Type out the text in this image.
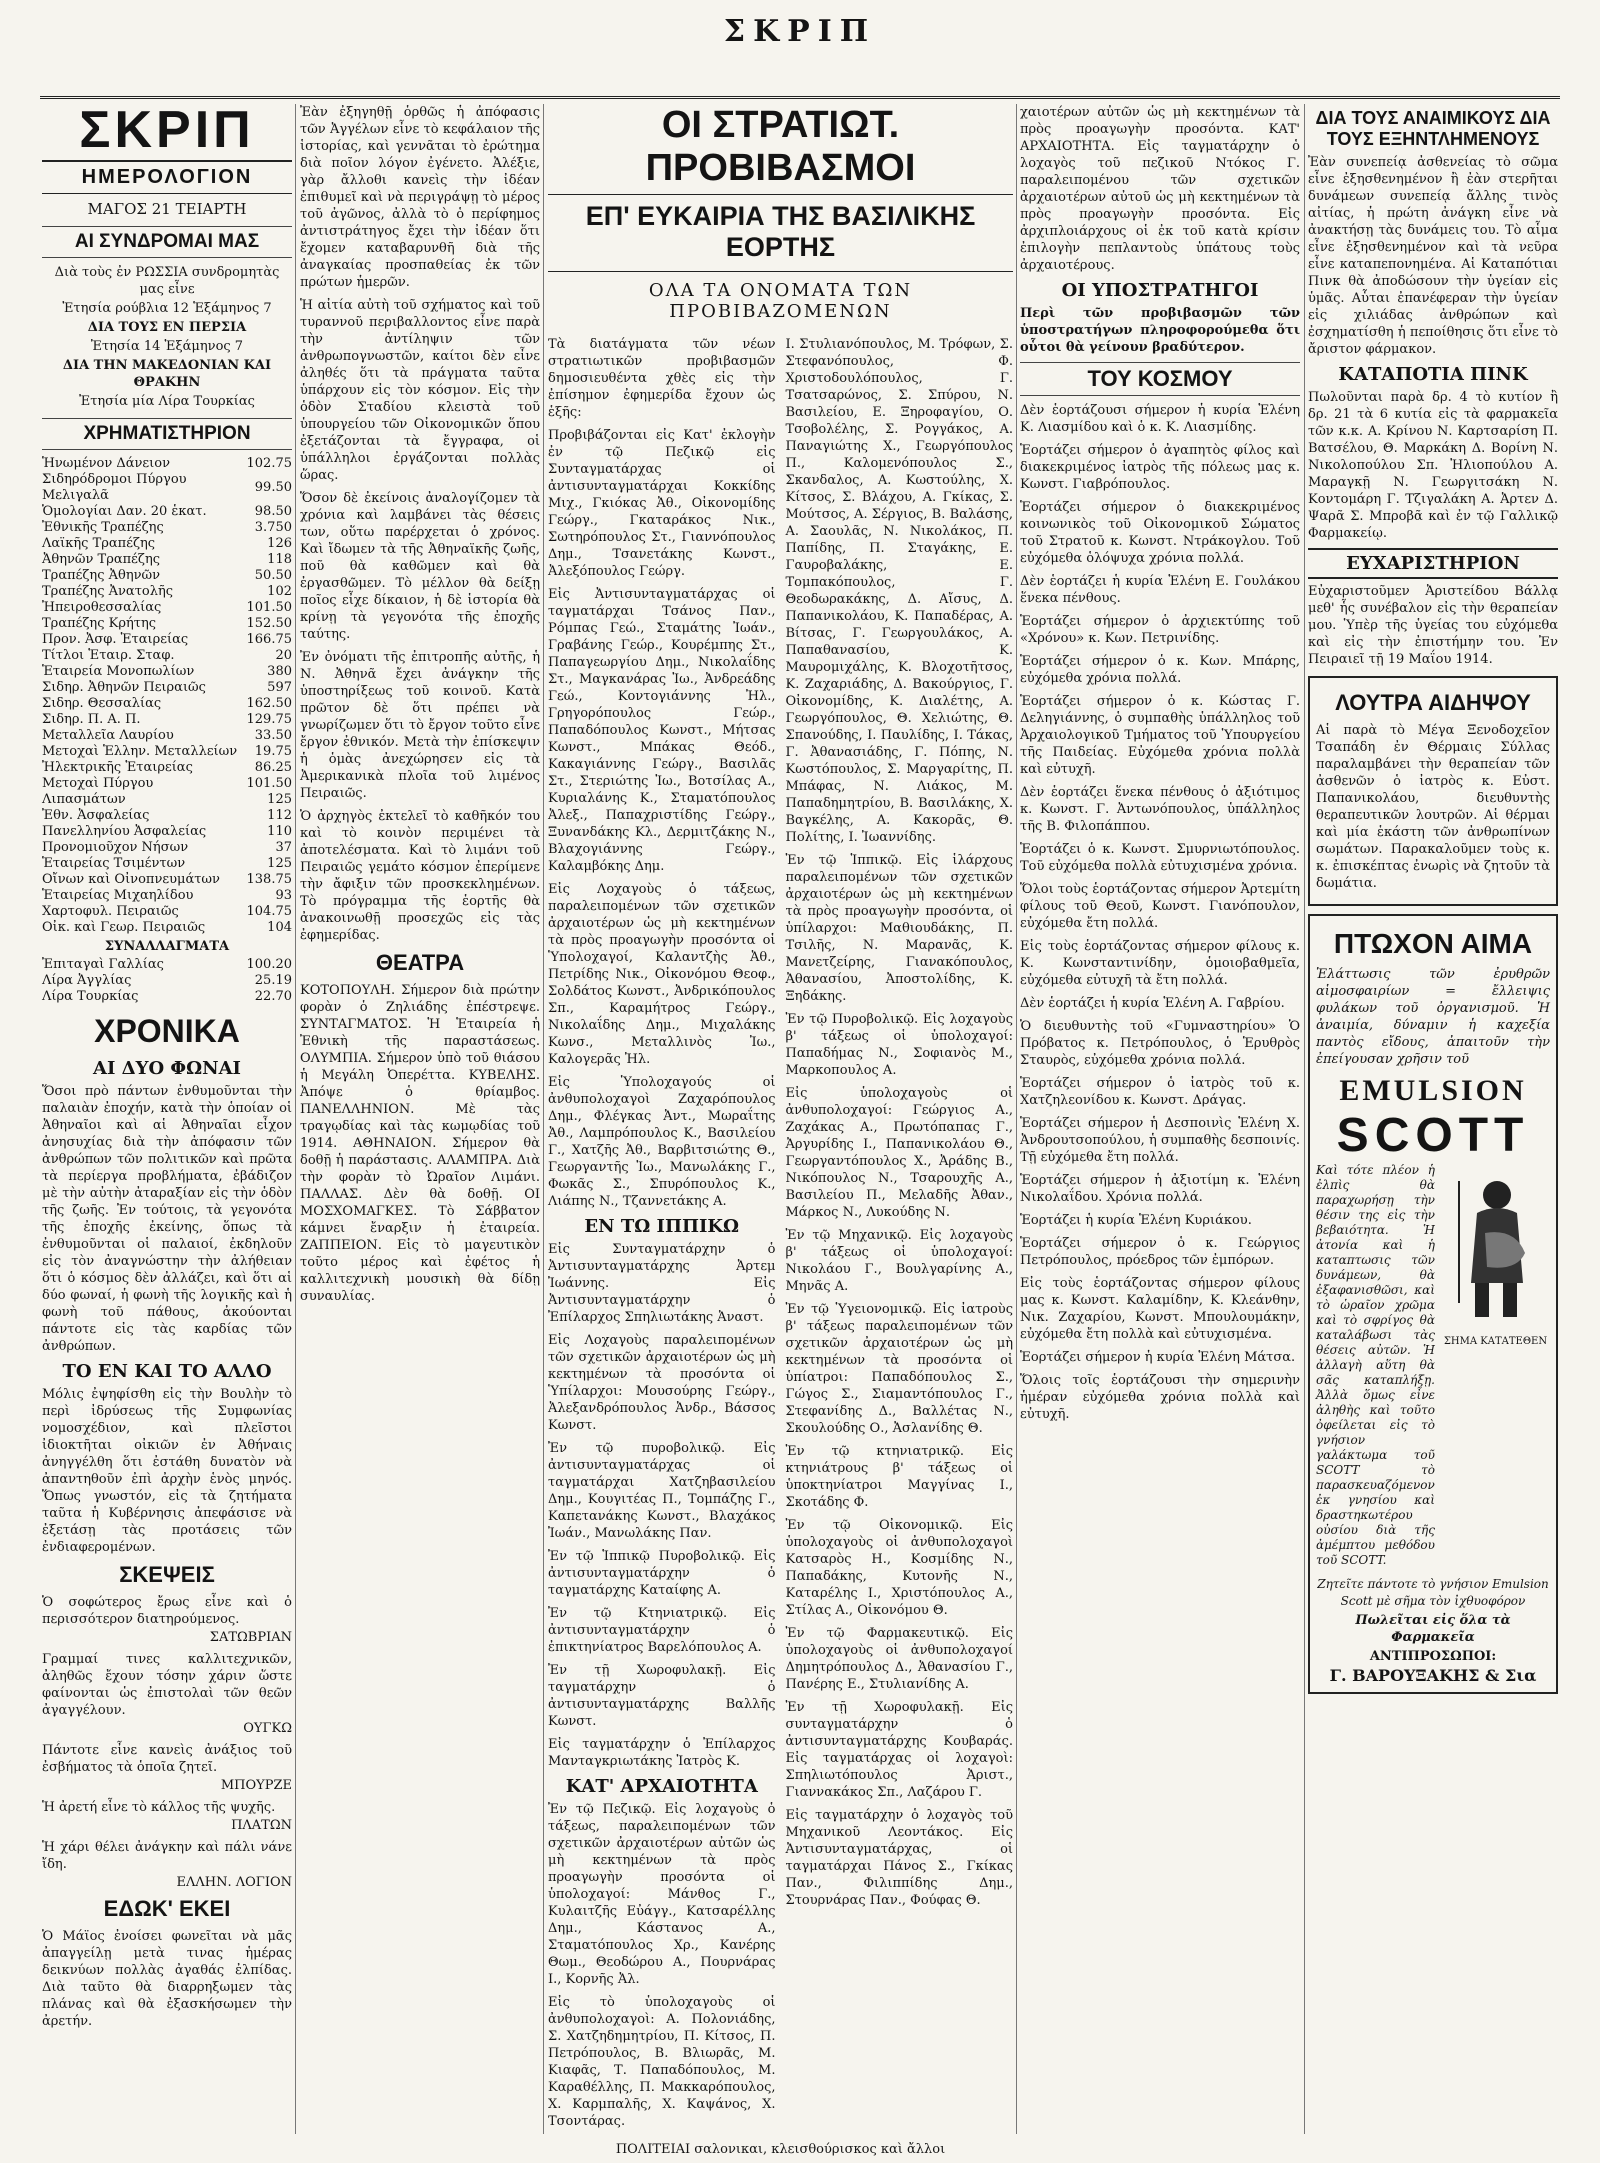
ΣΚΡΙΠ
ΣΚΡΙΠ
ΗΜΕΡΟΛΟΓΙΟΝ
ΜΑΓΟΣ 21 ΤΕΙΑΡΤΗ
ΑΙ ΣΥΝΔΡΟΜΑΙ ΜΑΣ
Διὰ τοὺς ἐν ΡΩΣΣΙΑ συνδρομητὰς μας εἶνε
Ἐτησία ρούβλια 12 Ἑξάμηνος 7
ΔΙΑ ΤΟΥΣ ΕΝ ΠΕΡΣΙΑ
Ἐτησία 14 Ἑξάμηνος 7
ΔΙΑ ΤΗΝ ΜΑΚΕΔΟΝΙΑΝ ΚΑΙ ΘΡΑΚΗΝ
Ἐτησία μία Λίρα Τουρκίας
ΧΡΗΜΑΤΙΣΤΗΡΙΟΝ
Ἡνωμένον Δάνειον	102.75
Σιδηρόδρομοι Πύργου Μελιγαλᾶ	99.50
Ὁμολογίαι Δαν. 20 ἑκατ.	98.50
Ἐθνικῆς Τραπέζης	3.750
Λαϊκῆς Τραπέζης	126
Ἀθηνῶν Τραπέζης	118
Τραπέζης Ἀθηνῶν	50.50
Τραπέζης Ἀνατολῆς	102
Ἠπειροθεσσαλίας	101.50
Τραπέζης Κρήτης	152.50
Προν. Ἀσφ. Ἑταιρείας	166.75
Τίτλοι Ἑταιρ. Σταφ.	20
Ἑταιρεία Μονοπωλίων	380
Σιδηρ. Ἀθηνῶν Πειραιῶς	597
Σιδηρ. Θεσσαλίας	162.50
Σιδηρ. Π. Α. Π.	129.75
Μεταλλεῖα Λαυρίου	33.50
Μετοχαὶ Ἑλλην. Μεταλλείων	19.75
Ἠλεκτρικῆς Ἑταιρείας	86.25
Μετοχαὶ Πύργου	101.50
Λιπασμάτων	125
Ἐθν. Ἀσφαλείας	112
Πανελληνίου Ἀσφαλείας	110
Προνομιοῦχον Νήσων	37
Ἑταιρείας Τσιμέντων	125
Οἴνων καὶ Οἰνοπνευμάτων	138.75
Ἑταιρείας Μιχαηλίδου	93
Χαρτοφυλ. Πειραιῶς	104.75
Οἰκ. καὶ Γεωρ. Πειραιῶς	104
ΣΥΝΑΛΛΑΓΜΑΤΑ
Ἐπιταγαὶ Γαλλίας	100.20
Λίρα Ἀγγλίας	25.19
Λίρα Τουρκίας	22.70
ΧΡΟΝΙΚΑ
ΑΙ ΔΥΟ ΦΩΝΑΙ

Ὅσοι πρὸ πάντων ἐνθυμοῦνται τὴν παλαιὰν ἐποχήν, κατὰ τὴν ὁποίαν οἱ Ἀθηναῖοι καὶ αἱ Ἀθηναῖαι εἶχον ἀνησυχίας διὰ τὴν ἀπόφασιν τῶν ἀνθρώπων τῶν πολιτικῶν καὶ πρῶτα τὰ περίεργα προβλήματα, ἐβάδιζον μὲ τὴν αὐτὴν ἀταραξίαν εἰς τὴν ὁδὸν τῆς ζωῆς. Ἐν τούτοις, τὰ γεγονότα τῆς ἐποχῆς ἐκείνης, ὅπως τὰ ἐνθυμοῦνται οἱ παλαιοί, ἐκδηλοῦν εἰς τὸν ἀναγνώστην τὴν ἀλήθειαν ὅτι ὁ κόσμος δὲν ἀλλάζει, καὶ ὅτι αἱ δύο φωναί, ἡ φωνὴ τῆς λογικῆς καὶ ἡ φωνὴ τοῦ πάθους, ἀκούονται πάντοτε εἰς τὰς καρδίας τῶν ἀνθρώπων.

ΤΟ ΕΝ ΚΑΙ ΤΟ ΑΛΛΟ

Μόλις ἐψηφίσθη εἰς τὴν Βουλὴν τὸ περὶ ἰδρύσεως τῆς Συμφωνίας νομοσχέδιον, καὶ πλεῖστοι ἰδιοκτῆται οἰκιῶν ἐν Ἀθήναις ἀνηγγέλθη ὅτι ἐστάθη δυνατὸν νὰ ἀπαντηθοῦν ἐπὶ ἀρχὴν ἑνὸς μηνός. Ὅπως γνωστόν, εἰς τὰ ζητήματα ταῦτα ἡ Κυβέρνησις ἀπεφάσισε νὰ ἐξετάσῃ τὰς προτάσεις τῶν ἐνδιαφερομένων.

ΣΚΕΨΕΙΣ

Ὁ σοφώτερος ἔρως εἶνε καὶ ὁ περισσότερον διατηρούμενος.

ΣΑΤΩΒΡΙΑΝ

Γραμμαί τινες καλλιτεχνικῶν, ἀληθῶς ἔχουν τόσην χάριν ὥστε φαίνονται ὡς ἐπιστολαὶ τῶν θεῶν ἀγαγγέλουν.

ΟΥΓΚΩ

Πάντοτε εἶνε κανεὶς ἀνάξιος τοῦ ἐσβήματος τὰ ὁποῖα ζητεῖ.

ΜΠΟΥΡΖΕ

Ἡ ἀρετή εἶνε τὸ κάλλος τῆς ψυχῆς.

ΠΛΑΤΩΝ

Ἡ χάρι θέλει ἀνάγκην καὶ πάλι νάνε ἴδη.

ΕΛΛΗΝ. ΛΟΓΙΟΝ
ΕΔΩΚ' ΕΚΕΙ

Ὁ Μάϊος ἐνοίσει φωνεῖται νὰ μᾶς ἀπαγγείλῃ μετὰ τινας ἡμέρας δεικνύων πολλὰς ἀγαθάς ἐλπίδας. Διὰ ταῦτο θὰ διαρρηξωμεν τὰς πλάνας καὶ θὰ ἐξασκήσωμεν τὴν ἀρετήν.

Ἐὰν ἐξηγηθῇ ὁρθῶς ἡ ἀπόφασις τῶν Ἀγγέλων εἶνε τὸ κεφάλαιον τῆς ἱστορίας, καὶ γεννᾶται τὸ ἐρώτημα διὰ ποῖον λόγον ἐγένετο. Ἀλέξιε, γὰρ ἄλλοθι κανεὶς τὴν ἰδέαν ἐπιθυμεῖ καὶ νὰ περιγράψῃ τὸ μέρος τοῦ ἀγῶνος, ἀλλὰ τὸ ὁ περίφημος ἀντιστράτηγος ἔχει τὴν ἰδέαν ὅτι ἔχομεν καταβαρυνθῆ διὰ τῆς ἀναγκαίας προσπαθείας ἐκ τῶν πρώτων ἡμερῶν.

Ἡ αἰτία αὐτὴ τοῦ σχήματος καὶ τοῦ τυραννοῦ περιβαλλοντος εἶνε παρὰ τὴν ἀντίληψιν τῶν ἀνθρωπογνωστῶν, καίτοι δὲν εἶνε ἀληθές ὅτι τὰ πράγματα ταῦτα ὑπάρχουν εἰς τὸν κόσμον. Εἰς τὴν ὁδὸν Σταδίου κλειστὰ τοῦ ὑπουργείου τῶν Οἰκονομικῶν ὅπου ἐξετάζονται τὰ ἔγγραφα, οἱ ὑπάλληλοι ἐργάζονται πολλὰς ὥρας.

Ὅσον δὲ ἐκείνοις ἀναλογίζομεν τὰ χρόνια καὶ λαμβάνει τὰς θέσεις των, οὕτω παρέρχεται ὁ χρόνος. Καὶ ἴδωμεν τὰ τῆς Ἀθηναϊκῆς ζωῆς, ποῦ θὰ καθῶμεν καὶ θὰ ἐργασθῶμεν. Τὸ μέλλον θὰ δείξῃ ποῖος εἶχε δίκαιον, ἡ δὲ ἱστορία θὰ κρίνῃ τὰ γεγονότα τῆς ἐποχῆς ταύτης.

Ἐν ὀνόματι τῆς ἐπιτροπῆς αὐτῆς, ἡ Ν. Ἀθηνᾶ ἔχει ἀνάγκην τῆς ὑποστηρίξεως τοῦ κοινοῦ. Κατὰ πρῶτον δὲ ὅτι πρέπει νὰ γνωρίζωμεν ὅτι τὸ ἔργον τοῦτο εἶνε ἔργον ἐθνικόν. Μετὰ τὴν ἐπίσκεψιν ἡ ὁμὰς ἀνεχώρησεν εἰς τὰ Ἀμερικανικὰ πλοῖα τοῦ λιμένος Πειραιῶς.

Ὁ ἀρχηγὸς ἐκτελεῖ τὸ καθῆκόν του καὶ τὸ κοινὸν περιμένει τὰ ἀποτελέσματα. Καὶ τὸ λιμάνι τοῦ Πειραιῶς γεμάτο κόσμον ἐπερίμενε τὴν ἄφιξιν τῶν προσκεκλημένων. Τὸ πρόγραμμα τῆς ἑορτῆς θὰ ἀνακοινωθῇ προσεχῶς εἰς τὰς ἐφημερίδας.

ΘΕΑΤΡΑ

ΚΟΤΟΠΟΥΛΗ. Σήμερον διὰ πρώτην φορὰν ὁ Ζηλιάδης ἐπέστρεψε. ΣΥΝΤΑΓΜΑΤΟΣ. Ἡ Ἑταιρεία ἡ Ἐθνικὴ τῆς παραστάσεως. ΟΛΥΜΠΙΑ. Σήμερον ὑπὸ τοῦ θιάσου ἡ Μεγάλη Ὀπερέττα. ΚΥΒΕΛΗΣ. Ἀπόψε ὁ θρίαμβος. ΠΑΝΕΛΛΗΝΙΟΝ. Μὲ τὰς τραγῳδίας καὶ τὰς κωμῳδίας τοῦ 1914. ΑΘΗΝΑΙΟΝ. Σήμερον θὰ δοθῇ ἡ παράστασις. ΑΛΑΜΠΡΑ. Διὰ τὴν φορὰν τὸ Ὠραῖον Λιμάνι. ΠΑΛΛΑΣ. Δὲν θὰ δοθῇ. ΟΙ ΜΟΣΧΟΜΑΓΚΕΣ. Τὸ Σάββατον κάμνει ἔναρξιν ἡ ἐταιρεία. ΖΑΠΠΕΙΟΝ. Εἰς τὸ μαγευτικὸν τοῦτο μέρος καὶ ἐφέτος ἡ καλλιτεχνικὴ μουσικὴ θὰ δίδῃ συναυλίας.

ΟΙ ΣΤΡΑΤΙΩΤ. ΠΡΟΒΙΒΑΣΜΟΙ
ΕΠ' ΕΥΚΑΙΡΙΑ ΤΗΣ ΒΑΣΙΛΙΚΗΣ ΕΟΡΤΗΣ
ΟΛΑ ΤΑ ΟΝΟΜΑΤΑ ΤΩΝ ΠΡΟΒΙΒΑΖΟΜΕΝΩΝ

Τὰ διατάγματα τῶν νέων στρατιωτικῶν προβιβασμῶν δημοσιευθέντα χθὲς εἰς τὴν ἐπίσημον ἐφημερίδα ἔχουν ὡς ἑξῆς:

Προβιβάζονται εἰς Κατ' ἐκλογὴν ἐν τῷ Πεζικῷ εἰς Συνταγματάρχας οἱ ἀντισυνταγματάρχαι Κοκκίδης Μιχ., Γκιόκας Ἀθ., Οἰκονομίδης Γεώργ., Γκαταράκος Νικ., Σωτηρόπουλος Στ., Γιαννόπουλος Δημ., Τσανετάκης Κωνστ., Ἀλεξόπουλος Γεώργ.

Εἰς Ἀντισυνταγματάρχας οἱ ταγματάρχαι Τσάνος Παν., Ρόμπας Γεώ., Σταμάτης Ἰωάν., Γραβάνης Γεώρ., Κουρέμπης Στ., Παπαγεωργίου Δημ., Νικολαΐδης Στ., Μαγκανάρας Ἰω., Ἀνδρεάδης Γεώ., Κοντογιάννης Ἠλ., Γρηγορόπουλος Γεώρ., Παπαδόπουλος Κωνστ., Μήτσας Κωνστ., Μπάκας Θεόδ., Κακαγιάννης Γεώργ., Βασιλᾶς Στ., Στεριώτης Ἰω., Βοτσίλας Α., Κυριαλάνης Κ., Σταματόπουλος Ἀλεξ., Παπαχριστίδης Γεώργ., Ξυνανδάκης Κλ., Δερμιτζάκης Ν., Βλαχογιάννης Γεώργ., Καλαμβόκης Δημ.

Εἰς Λοχαγοὺς ὁ τάξεως, παραλειπομένων τῶν σχετικῶν ἀρχαιοτέρων ὡς μὴ κεκτημένων τὰ πρὸς προαγωγὴν προσόντα οἱ Ὑπολοχαγοί, Καλαντζὴς Ἀθ., Πετρίδης Νικ., Οἰκονόμου Θεοφ., Σολδάτος Κωνστ., Ἀνδρικόπουλος Σπ., Καραμήτρος Γεώργ., Νικολαΐδης Δημ., Μιχαλάκης Κωνσ., Μεταλλινὸς Ἰω., Καλογερᾶς Ἠλ.

Εἰς Ὑπολοχαγούς οἱ ἀνθυπολοχαγοὶ Ζαχαρόπουλος Δημ., Φλέγκας Ἀντ., Μωραΐτης Ἀθ., Λαμπρόπουλος Κ., Βασιλείου Γ., Χατζῆς Ἀθ., Βαρβιτσιώτης Θ., Γεωργαντῆς Ἰω., Μανωλάκης Γ., Φωκᾶς Σ., Σπυρόπουλος Κ., Λιάπης Ν., Τζαννετάκης Α.

ΕΝ ΤΩ ΙΠΠΙΚΩ

Εἰς Συνταγματάρχην ὁ Ἀντισυνταγματάρχης Ἀρτεμ Ἰωάννης. Εἰς Ἀντισυνταγματάρχην ὁ Ἐπίλαρχος Σπηλιωτάκης Ἀναστ.

Εἰς Λοχαγοὺς παραλειπομένων τῶν σχετικῶν ἀρχαιοτέρων ὡς μὴ κεκτημένων τὰ προσόντα οἱ Ὑπίλαρχοι: Μουσούρης Γεώργ., Ἀλεξανδρόπουλος Ἀνδρ., Βάσσος Κωνστ.

Ἐν τῷ πυροβολικῷ. Εἰς ἀντισυνταγματάρχας οἱ ταγματάρχαι Χατζηβασιλείου Δημ., Κουγιτέας Π., Τομπάζης Γ., Καπετανάκης Κωνστ., Βλαχάκος Ἰωάν., Μανωλάκης Παν.

Ἐν τῷ Ἱππικῷ Πυροβολικῷ. Εἰς ἀντισυνταγματάρχην ὁ ταγματάρχης Καταίφης Α.

Ἐν τῷ Κτηνιατρικῷ. Εἰς ἀντισυνταγματάρχην ὁ ἐπικτηνίατρος Βαρελόπουλος Α.

Ἐν τῇ Χωροφυλακῇ. Εἰς ταγματάρχην ὁ ἀντισυνταγματάρχης Βαλλῆς Κωνστ.

Εἰς ταγματάρχην ὁ Ἐπίλαρχος Μανταγκριωτάκης Ἰατρὸς Κ.

ΚΑΤ' ΑΡΧΑΙΟΤΗΤΑ

Ἐν τῷ Πεζικῷ. Εἰς λοχαγοὺς ὁ τάξεως, παραλειπομένων τῶν σχετικῶν ἀρχαιοτέρων αὐτῶν ὡς μὴ κεκτημένων τὰ πρὸς προαγωγὴν προσόντα οἱ ὑπολοχαγοί: Μάνθος Γ., Κυλαιτζῆς Εὐάγγ., Κατσαρέλλης Δημ., Κάστανος Α., Σταματόπουλος Χρ., Κανέρης Θωμ., Θεοδώρου Α., Πουρνάρας Ι., Κορνῆς Ἀλ.

Εἰς τὸ ὑπολοχαγοὺς οἱ ἀνθυπολοχαγοὶ: Α. Πολονιάδης, Σ. Χατζηδημητρίου, Π. Κίτσος, Π. Πετρόπουλος, Β. Βλιωρᾶς, Μ. Κιαφᾶς, Τ. Παπαδόπουλος, Μ. Καραθέλλης, Π. Μακκαρόπουλος, Χ. Καρμπαλῆς, Χ. Καψάνος, Χ. Τσοντάρας.

Ι. Στυλιανόπουλος, Μ. Τρόφων, Σ. Στεφανόπουλος, Φ. Χριστοδουλόπουλος, Γ. Τσατσαρώνος, Σ. Σπύρου, Ν. Βασιλείου, Ε. Ξηροφαγίου, Ο. Τσοβολέλης, Σ. Ρογγάκος, Α. Παναγιώτης Χ., Γεωργόπουλος Π., Καλομενόπουλος Σ., Σκανδαλος, Α. Κωστούλης, Χ. Κίτσος, Σ. Βλάχου, Α. Γκίκας, Σ. Μούτσος, Α. Σέργιος, Β. Βαλάσης, Α. Σαουλᾶς, Ν. Νικολάκος, Π. Παπίδης, Π. Σταγάκης, Ε. Γαυροβαλάκης, Ε. Τομπακόπουλος, Γ. Θεοδωρακάκης, Δ. Αἴσυς, Δ. Παπανικολάου, Κ. Παπαδέρας, Α. Βίτσας, Γ. Γεωργουλάκος, Α. Παπαθανασίου, Κ. Μαυρομιχάλης, Κ. Βλοχοτῆτσος, Κ. Ζαχαριάδης, Δ. Βακούργιος, Γ. Οἰκονομίδης, Κ. Διαλέτης, Α. Γεωργόπουλος, Θ. Χελιώτης, Θ. Σπανούδης, Ι. Παυλίδης, Ι. Τάκας, Γ. Ἀθανασιάδης, Γ. Πόπης, Ν. Κωστόπουλος, Σ. Μαργαρίτης, Π. Μπάφας, Ν. Λιάκος, Μ. Παπαδημητρίου, Β. Βασιλάκης, Χ. Βαγκέλης, Α. Κακορᾶς, Θ. Πολίτης, Ι. Ἰωαννίδης.

Ἐν τῷ Ἱππικῷ. Εἰς ἱλάρχους παραλειπομένων τῶν σχετικῶν ἀρχαιοτέρων ὡς μὴ κεκτημένων τὰ πρὸς προαγωγὴν προσόντα, οἱ ὑπίλαρχοι: Μαθιουδάκης, Π. Τσιλῆς, Ν. Μαρανᾶς, Κ. Μανετζείρης, Γιανακόπουλος, Ἀθανασίου, Ἀποστολίδης, Κ. Ξηδάκης.

Ἐν τῷ Πυροβολικῷ. Εἰς λοχαγοὺς β' τάξεως οἱ ὑπολοχαγοί: Παπαδήμας Ν., Σοφιανὸς Μ., Μαρκοπουλος Α.

Εἰς ὑπολοχαγοὺς οἱ ἀνθυπολοχαγοί: Γεώργιος Α., Ζαχάκας Α., Πρωτόπαπας Γ., Ἀργυρίδης Ι., Παπανικολάου Θ., Γεωργαντόπουλος Χ., Ἀράδης Β., Νικόπουλος Ν., Τσαρουχῆς Α., Βασιλείου Π., Μελαδῆς Ἀθαν., Μάρκος Ν., Λυκούδης Ν.

Ἐν τῷ Μηχανικῷ. Εἰς λοχαγοὺς β' τάξεως οἱ ὑπολοχαγοί: Νικολάου Γ., Βουλγαρίνης Α., Μηνᾶς Α.

Ἐν τῷ Ὑγειονομικῷ. Εἰς ἰατροὺς β' τάξεως παραλειπομένων τῶν σχετικῶν ἀρχαιοτέρων ὡς μὴ κεκτημένων τὰ προσόντα οἱ ὑπίατροι: Παπαδόπουλος Σ., Γώγος Σ., Σιαμαντόπουλος Γ., Στεφανίδης Δ., Βαλλέτας Ν., Σκουλούδης Ο., Ἀσλανίδης Θ.

Ἐν τῷ κτηνιατρικῷ. Εἰς κτηνιάτρους β' τάξεως οἱ ὑποκτηνίατροι Μαγγίνας Ι., Σκοτάδης Φ.

Ἐν τῷ Οἰκονομικῷ. Εἰς ὑπολοχαγοὺς οἱ ἀνθυπολοχαγοὶ Κατσαρὸς Η., Κοσμίδης Ν., Παπαδάκης, Κυτονῆς Ν., Καταρέλης Ι., Χριστόπουλος Α., Στίλας Α., Οἰκονόμου Θ.

Ἐν τῷ Φαρμακευτικῷ. Εἰς ὑπολοχαγοὺς οἱ ἀνθυπολοχαγοί Δημητρόπουλος Δ., Ἀθανασίου Γ., Πανέρης Ε., Στυλιανίδης Α.

Ἐν τῇ Χωροφυλακῇ. Εἰς συνταγματάρχην ὁ ἀντισυνταγματάρχης Κουβαράς. Εἰς ταγματάρχας οἱ λοχαγοὶ: Σπηλιωτόπουλος Ἀριστ., Γιαννακάκος Σπ., Λαζάρου Γ.

Εἰς ταγματάρχην ὁ λοχαγὸς τοῦ Μηχανικοῦ Λεοντάκος. Εἰς Ἀντισυνταγματάρχας, οἱ ταγματάρχαι Πάνος Σ., Γκίκας Παν., Φιλιππίδης Δημ., Στουρνάρας Παν., Φούφας Θ.

ΠΟΛΙΤΕΙΑΙ σαλονικαι, κλεισθούρισκος καὶ ἄλλοι

χαιοτέρων αὐτῶν ὡς μὴ κεκτημένων τὰ πρὸς προαγωγὴν προσόντα. ΚΑΤ' ΑΡΧΑΙΟΤΗΤΑ. Εἰς ταγματάρχην ὁ λοχαγὸς τοῦ πεζικοῦ Ντόκος Γ. παραλειπομένου τῶν σχετικῶν ἀρχαιοτέρων αὐτοῦ ὡς μὴ κεκτημένων τὰ πρὸς προαγωγὴν προσόντα. Εἰς ἀρχιπλοιάρχους οἱ ἐκ τοῦ κατὰ κρίσιν ἐπιλογὴν πεπλαντοὺς ὑπάτους τοὺς ἀρχαιοτέρους.

ΟΙ ΥΠΟΣΤΡΑΤΗΓΟΙ

Περὶ τῶν προβιβασμῶν τῶν ὑποστρατήγων πληροφορούμεθα ὅτι οὗτοι θὰ γείνουν βραδύτερον.

ΤΟΥ ΚΟΣΜΟΥ

Δὲν ἑορτάζουσι σήμερον ἡ κυρία Ἑλένη Κ. Λιασμίδου καὶ ὁ κ. Κ. Λιασμίδης.

Ἑορτάζει σήμερον ὁ ἀγαπητὸς φίλος καὶ διακεκριμένος ἰατρὸς τῆς πόλεως μας κ. Κωνστ. Γιαβρόπουλος.

Ἑορτάζει σήμερον ὁ διακεκριμένος κοινωνικὸς τοῦ Οἰκονομικοῦ Σώματος τοῦ Στρατοῦ κ. Κωνστ. Ντράκογλου. Τοῦ εὐχόμεθα ὁλόψυχα χρόνια πολλά.

Δὲν ἑορτάζει ἡ κυρία Ἑλένη Ε. Γουλάκου ἕνεκα πένθους.

Ἑορτάζει σήμερον ὁ ἀρχιεκτύπης τοῦ «Χρόνου» κ. Κων. Πετρινίδης.

Ἑορτάζει σήμερον ὁ κ. Κων. Μπάρης, εὐχόμεθα χρόνια πολλά.

Ἑορτάζει σήμερον ὁ κ. Κώστας Γ. Δεληγιάννης, ὁ συμπαθὴς ὑπάλληλος τοῦ Ἀρχαιολογικοῦ Τμήματος τοῦ Ὑπουργείου τῆς Παιδείας. Εὐχόμεθα χρόνια πολλὰ καὶ εὐτυχῆ.

Δὲν ἑορτάζει ἕνεκα πένθους ὁ ἀξιότιμος κ. Κωνστ. Γ. Ἀντωνόπουλος, ὑπάλληλος τῆς Β. Φιλοπάππου.

Ἑορτάζει ὁ κ. Κωνστ. Σμυρνιωτόπουλος. Τοῦ εὐχόμεθα πολλὰ εὐτυχισμένα χρόνια.

Ὅλοι τοὺς ἑορτάζοντας σήμερον Ἀρτεμίτη φίλους τοῦ Θεοῦ, Κωνστ. Γιανόπουλον, εὐχόμεθα ἔτη πολλά.

Εἰς τοὺς ἑορτάζοντας σήμερον φίλους κ. Κ. Κωνσταντινίδην, ὁμοιοβαθμεῖα, εὐχόμεθα εὐτυχῆ τὰ ἔτη πολλά.

Δὲν ἑορτάζει ἡ κυρία Ἑλένη Α. Γαβρίου.

Ὁ διευθυντὴς τοῦ «Γυμναστηρίου» Ὁ Πρόβατος κ. Πετρόπουλος, ὁ Ἑρυθρὸς Σταυρὸς, εὐχόμεθα χρόνια πολλά.

Ἑορτάζει σήμερον ὁ ἰατρὸς τοῦ κ. Χατζηλεονίδου κ. Κωνστ. Δράγας.

Ἑορτάζει σήμερον ἡ Δεσποινὶς Ἑλένη Χ. Ἀνδρουτσοπούλου, ἡ συμπαθὴς δεσποινίς. Τῇ εὐχόμεθα ἔτη πολλά.

Ἑορτάζει σήμερον ἡ ἀξιοτίμη κ. Ἑλένη Νικολαΐδου. Χρόνια πολλά.

Ἑορτάζει ἡ κυρία Ἑλένη Κυριάκου.

Ἑορτάζει σήμερον ὁ κ. Γεώργιος Πετρόπουλος, πρόεδρος τῶν ἐμπόρων.

Εἰς τοὺς ἑορτάζοντας σήμερον φίλους μας κ. Κωνστ. Καλαμίδην, Κ. Κλεάνθην, Νικ. Ζαχαρίου, Κωνστ. Μπουλουμάκην, εὐχόμεθα ἔτη πολλὰ καὶ εὐτυχισμένα.

Ἑορτάζει σήμερον ἡ κυρία Ἑλένη Μάτσα.

Ὅλοις τοῖς ἑορτάζουσι τὴν σημερινὴν ἡμέραν εὐχόμεθα χρόνια πολλὰ καὶ εὐτυχῆ.

ΔΙΑ ΤΟΥΣ ΑΝΑΙΜΙΚΟΥΣ ΔΙΑ ΤΟΥΣ ΕΞΗΝΤΛΗΜΕΝΟΥΣ

Ἐὰν συνεπείᾳ ἀσθενείας τὸ σῶμα εἶνε ἐξησθενημένον ἢ ἐὰν στερῆται δυνάμεων συνεπείᾳ ἄλλης τινὸς αἰτίας, ἡ πρώτη ἀνάγκη εἶνε νὰ ἀνακτήσῃ τὰς δυνάμεις του. Τὸ αἷμα εἶνε ἐξησθενημένον καὶ τὰ νεῦρα εἶνε καταπεπονημένα. Αἱ Καταπότιαι Πινκ θὰ ἀποδώσουν τὴν ὑγείαν εἰς ὑμᾶς. Αὗται ἐπανέφεραν τὴν ὑγείαν εἰς χιλιάδας ἀνθρώπων καὶ ἐσχηματίσθη ἡ πεποίθησις ὅτι εἶνε τὸ ἄριστον φάρμακον.

ΚΑΤΑΠΟΤΙΑ ΠΙΝΚ

Πωλοῦνται παρὰ δρ. 4 τὸ κυτίον ἢ δρ. 21 τὰ 6 κυτία εἰς τὰ φαρμακεῖα τῶν κ.κ. Α. Κρίνου Ν. Καρτσαρίση Π. Βατσέλου, Θ. Μαρκάκη Δ. Βορίνη Ν. Νικολοπούλου Σπ. Ἠλιοπούλου Α. Μαραγκῇ Ν. Γεωργιτσάκη Ν. Κοντομάρη Γ. Τζιγαλάκη Α. Ἀρτεν Δ. Ψαρᾶ Σ. Μπροβᾶ καὶ ἐν τῷ Γαλλικῷ Φαρμακείῳ.

ΕΥΧΑΡΙΣΤΗΡΙΟΝ

Εὐχαριστοῦμεν Ἀριστείδου Βάλλᾳ μεθ' ἧς συνέβαλον εἰς τὴν θεραπείαν μου. Ὑπὲρ τῆς ὑγείας του εὐχόμεθα καὶ εἰς τὴν ἐπιστήμην του. Ἐν Πειραιεῖ τῇ 19 Μαΐου 1914.

ΛΟΥΤΡΑ ΑΙΔΗΨΟΥ

Αἱ παρὰ τὸ Μέγα Ξενοδοχεῖον Τσαπάδη ἐν Θέρμαις Σύλλας παραλαμβάνει τὴν θεραπείαν τῶν ἀσθενῶν ὁ ἰατρὸς κ. Εὐστ. Παπανικολάου, διευθυντὴς θεραπευτικῶν λουτρῶν. Αἱ θέρμαι καὶ μία ἑκάστη τῶν ἀνθρωπίνων σωμάτων. Παρακαλοῦμεν τοὺς κ. κ. ἐπισκέπτας ἐνωρὶς νὰ ζητοῦν τὰ δωμάτια.

ΠΤΩΧΟΝ ΑΙΜΑ

Ἐλάττωσις τῶν ἐρυθρῶν αἱμοσφαιρίων = ἔλλειψις φυλάκων τοῦ ὀργανισμοῦ. Ἡ ἀναιμία, δύναμιν ἡ καχεξία παντὸς εἴδους, ἀπαιτοῦν τὴν ἐπείγουσαν χρῆσιν τοῦ

EMULSION
SCOTT

Καὶ τότε πλέον ἡ ἐλπὶς θὰ παραχωρήσῃ τὴν θέσιν της εἰς τὴν βεβαιότητα. Ἡ ἀτονία καὶ ἡ καταπτωσις τῶν δυνάμεων, θὰ ἐξαφανισθῶσι, καὶ τὸ ὡραῖον χρῶμα καὶ τὸ σφρίγος θὰ καταλάβωσι τὰς θέσεις αὐτῶν. Ἡ ἀλλαγὴ αὕτη θὰ σᾶς καταπλήξῃ. Ἀλλὰ ὅμως εἶνε ἀληθὴς καὶ τοῦτο ὀφείλεται εἰς τὸ γνήσιον γαλάκτωμα τοῦ SCOTT τὸ παρασκευαζόμενον ἐκ γνησίου καὶ δραστηκωτέρου οὐσίου διὰ τῆς ἀμέμπτου μεθόδου τοῦ SCOTT.

ΣΗΜΑ ΚΑΤΑΤΕΘΕΝ
Ζητεῖτε πάντοτε τὸ γνήσιον Emulsion Scott μὲ σῆμα τὸν ἰχθυοφόρον
Πωλεῖται εἰς ὅλα τὰ Φαρμακεῖα
ΑΝΤΙΠΡΟΣΩΠΟΙ:
Γ. ΒΑΡΟΥΞΑΚΗΣ & Σια
